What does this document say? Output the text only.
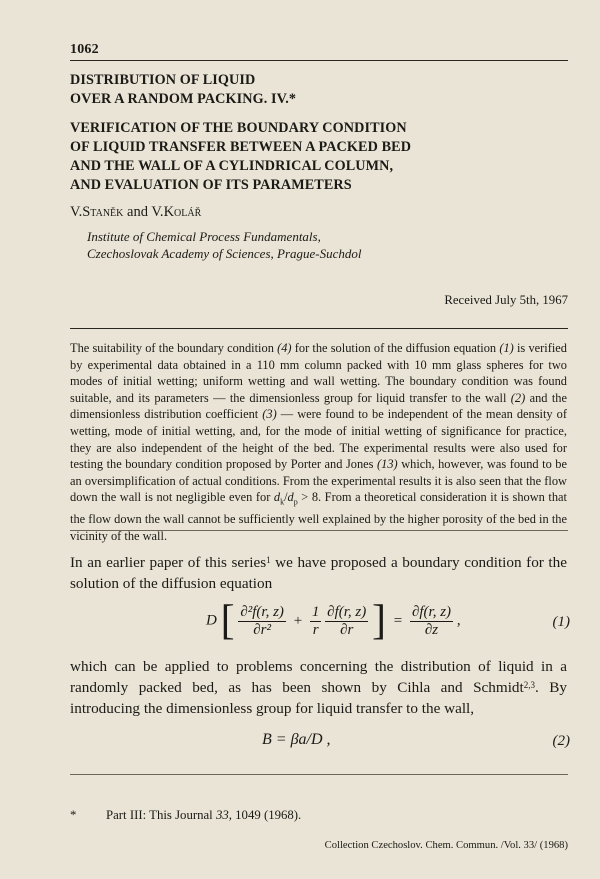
1062

DISTRIBUTION OF LIQUID

OVER A RANDOM PACKING. IV.*

VERIFICATION OF THE BOUNDARY CONDITION

OF LIQUID TRANSFER BETWEEN A PACKED BED

AND THE WALL OF A CYLINDRICAL COLUMN,

AND EVALUATION OF ITS PARAMETERS

V.Staněk and V.Kolář
Institute of Chemical Process Fundamentals,
Czechoslovak Academy of Sciences, Prague-Suchdol
Received July 5th, 1967

The suitability of the boundary condition (4) for the solution of the diffusion equation (1) is verified by experimental data obtained in a 110 mm column packed with 10 mm glass spheres for two modes of initial wetting; uniform wetting and wall wetting. The boundary condition was found suitable, and its parameters — the dimensionless group for liquid transfer to the wall (2) and the dimensionless distribution coefficient (3) — were found to be independent of the mean density of wetting, mode of initial wetting, and, for the mode of initial wetting of significance for practice, they are also independent of the height of the bed. The experimental results were also used for testing the boundary condition proposed by Porter and Jones (13) which, however, was found to be an oversimplification of actual conditions. From the experimental results it is also seen that the flow down the wall is not negligible even for $d_k/d_p > 8$. From a theoretical consideration it is shown that the flow down the wall cannot be sufficiently well explained by the higher porosity of the bed in the vicinity of the wall.

In an earlier paper of this series$^1$ we have proposed a boundary condition for the solution of the diffusion equation

D [ $\frac{\text{∂²f(r, z)}}{\text{∂r²}} + \frac{1}{r}$
$\frac{\partial f(r, z)}{\partial r}$ ] = $\frac{\partial f(r, z)}{\partial z}$ ,	(1)

which can be applied to problems concerning the distribution of liquid in a randomly packed bed, as has been shown by Cihla and Schmidt$^{2,3}$. By introducing the dimensionless group for liquid transfer to the wall,

B = βa/D ,	(2)
* Part III: This Journal 33, 1049 (1968).
Collection Czechoslov. Chem. Commun. /Vol. 33/ (1968)
